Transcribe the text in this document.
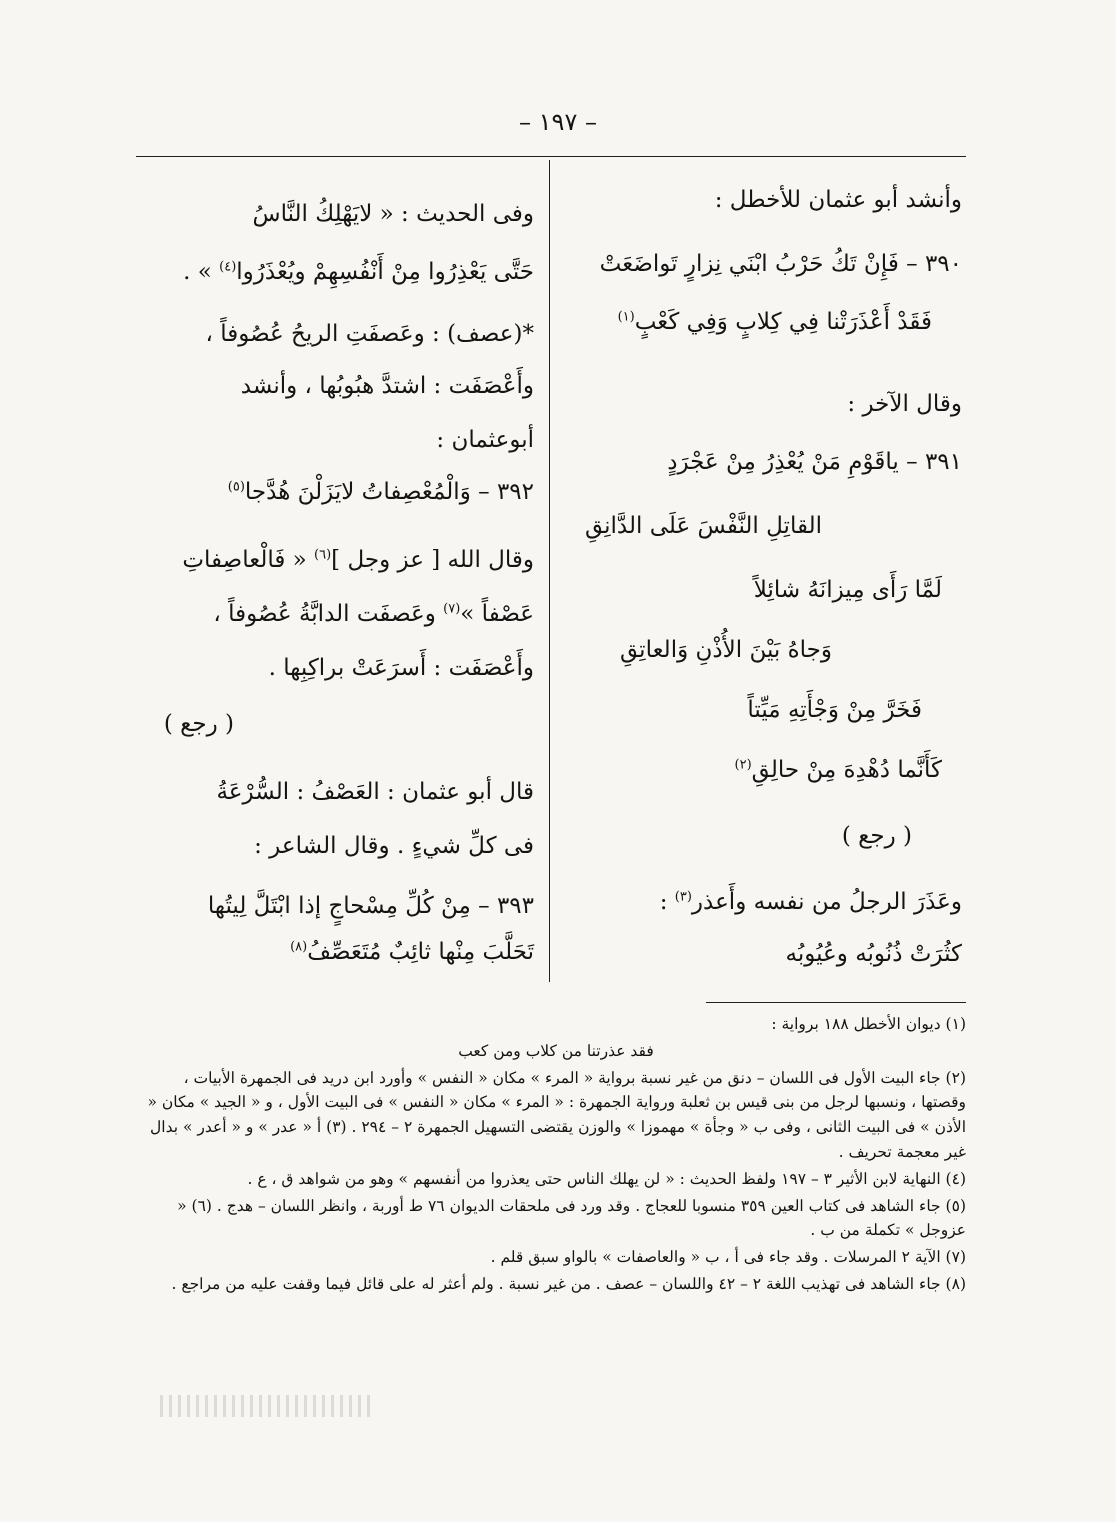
– ١٩٧ –

وأنشد أبو عثمان للأخطل :

٣٩٠ – فَإِنْ تَكُ حَرْبُ ابْنَي نِزارٍ تَواضَعَتْ

فَقَدْ أَعْذَرَتْنا فِي كِلابٍ وَفِي كَعْبٍ$^{(١)}$

وقال الآخر :

٣٩١ – ياقَوْمِ مَنْ يُعْذِرُ مِنْ عَجْرَدٍ

القاتِلِ النَّفْسَ عَلَى الدَّانِقِ

لَمَّا رَأَى مِيزانَهُ شائِلاً

وَجاهُ بَيْنَ الأُذْنِ وَالعاتِقِ

فَخَرَّ مِنْ وَجْأَتِهِ مَيِّتاً

كَأَنَّما دُهْدِهَ مِنْ حالِقِ$^{(٢)}$

( رجع )

وعَذَرَ الرجلُ من نفسه وأَعذر$^{(٣)}$ :

كثُرَتْ ذُنُوبُه وعُيُوبُه

وفى الحديث : « لايَهْلِكُ النَّاسُ

حَتَّى يَعْذِرُوا مِنْ أَنْفُسِهِمْ ويُعْذَرُوا$^{(٤)}$ » .

*(عصف) : وعَصفَتِ الريحُ عُصُوفاً ،

وأَعْصَفَت : اشتدَّ هبُوبُها ، وأنشد

أبوعثمان :

٣٩٢ – وَالْمُعْصِفاتُ لايَزَلْنَ هُدَّجا$^{(٥)}$

وقال الله [ عز وجل ]$^{(٦)}$ « فَالْعاصِفاتِ

عَصْفاً »$^{(٧)}$ وعَصفَت الدابَّةُ عُصُوفاً ،

وأَعْصَفَت : أَسرَعَتْ براكِبِها .

( رجع )

قال أبو عثمان : العَصْفُ : السُّرْعَةُ

فى كلِّ شيءٍ . وقال الشاعر :

٣٩٣ – مِنْ كُلِّ مِسْحاجٍ إذا ابْتَلَّ لِيتُها

تَحَلَّبَ مِنْها ثائِبٌ مُتَعَصِّفُ$^{(٨)}$

(١) ديوان الأخطل ١٨٨ برواية :

فقد عذرتنا من كلاب ومن كعب

(٢) جاء البيت الأول فى اللسان – دنق من غير نسبة برواية « المرء » مكان « النفس » وأورد ابن دريد فى الجمهرة الأبيات ، وقصتها ، ونسبها لرجل من بنى قيس بن ثعلبة ورواية الجمهرة : « المرء » مكان « النفس » فى البيت الأول ، و « الجيد » مكان « الأذن » فى البيت الثانى ، وفى ب « وجأة » مهموزا » والوزن يقتضى التسهيل الجمهرة ٢ – ٢٩٤ . (٣) أ « عدر » و « أعدر » بدال غير معجمة تحريف .

(٤) النهاية لابن الأثير ٣ – ١٩٧ ولفظ الحديث : « لن يهلك الناس حتى يعذروا من أنفسهم » وهو من شواهد ق ، ع .

(٥) جاء الشاهد فى كتاب العين ٣٥٩ منسوبا للعجاج . وقد ورد فى ملحقات الديوان ٧٦ ط أوربة ، وانظر اللسان – هدج . (٦) « عزوجل » تكملة من ب .

(٧) الآية ٢ المرسلات . وقد جاء فى أ ، ب « والعاصفات » بالواو سبق قلم .

(٨) جاء الشاهد فى تهذيب اللغة ٢ – ٤٢ واللسان – عصف . من غير نسبة . ولم أعثر له على قائل فيما وقفت عليه من مراجع .
